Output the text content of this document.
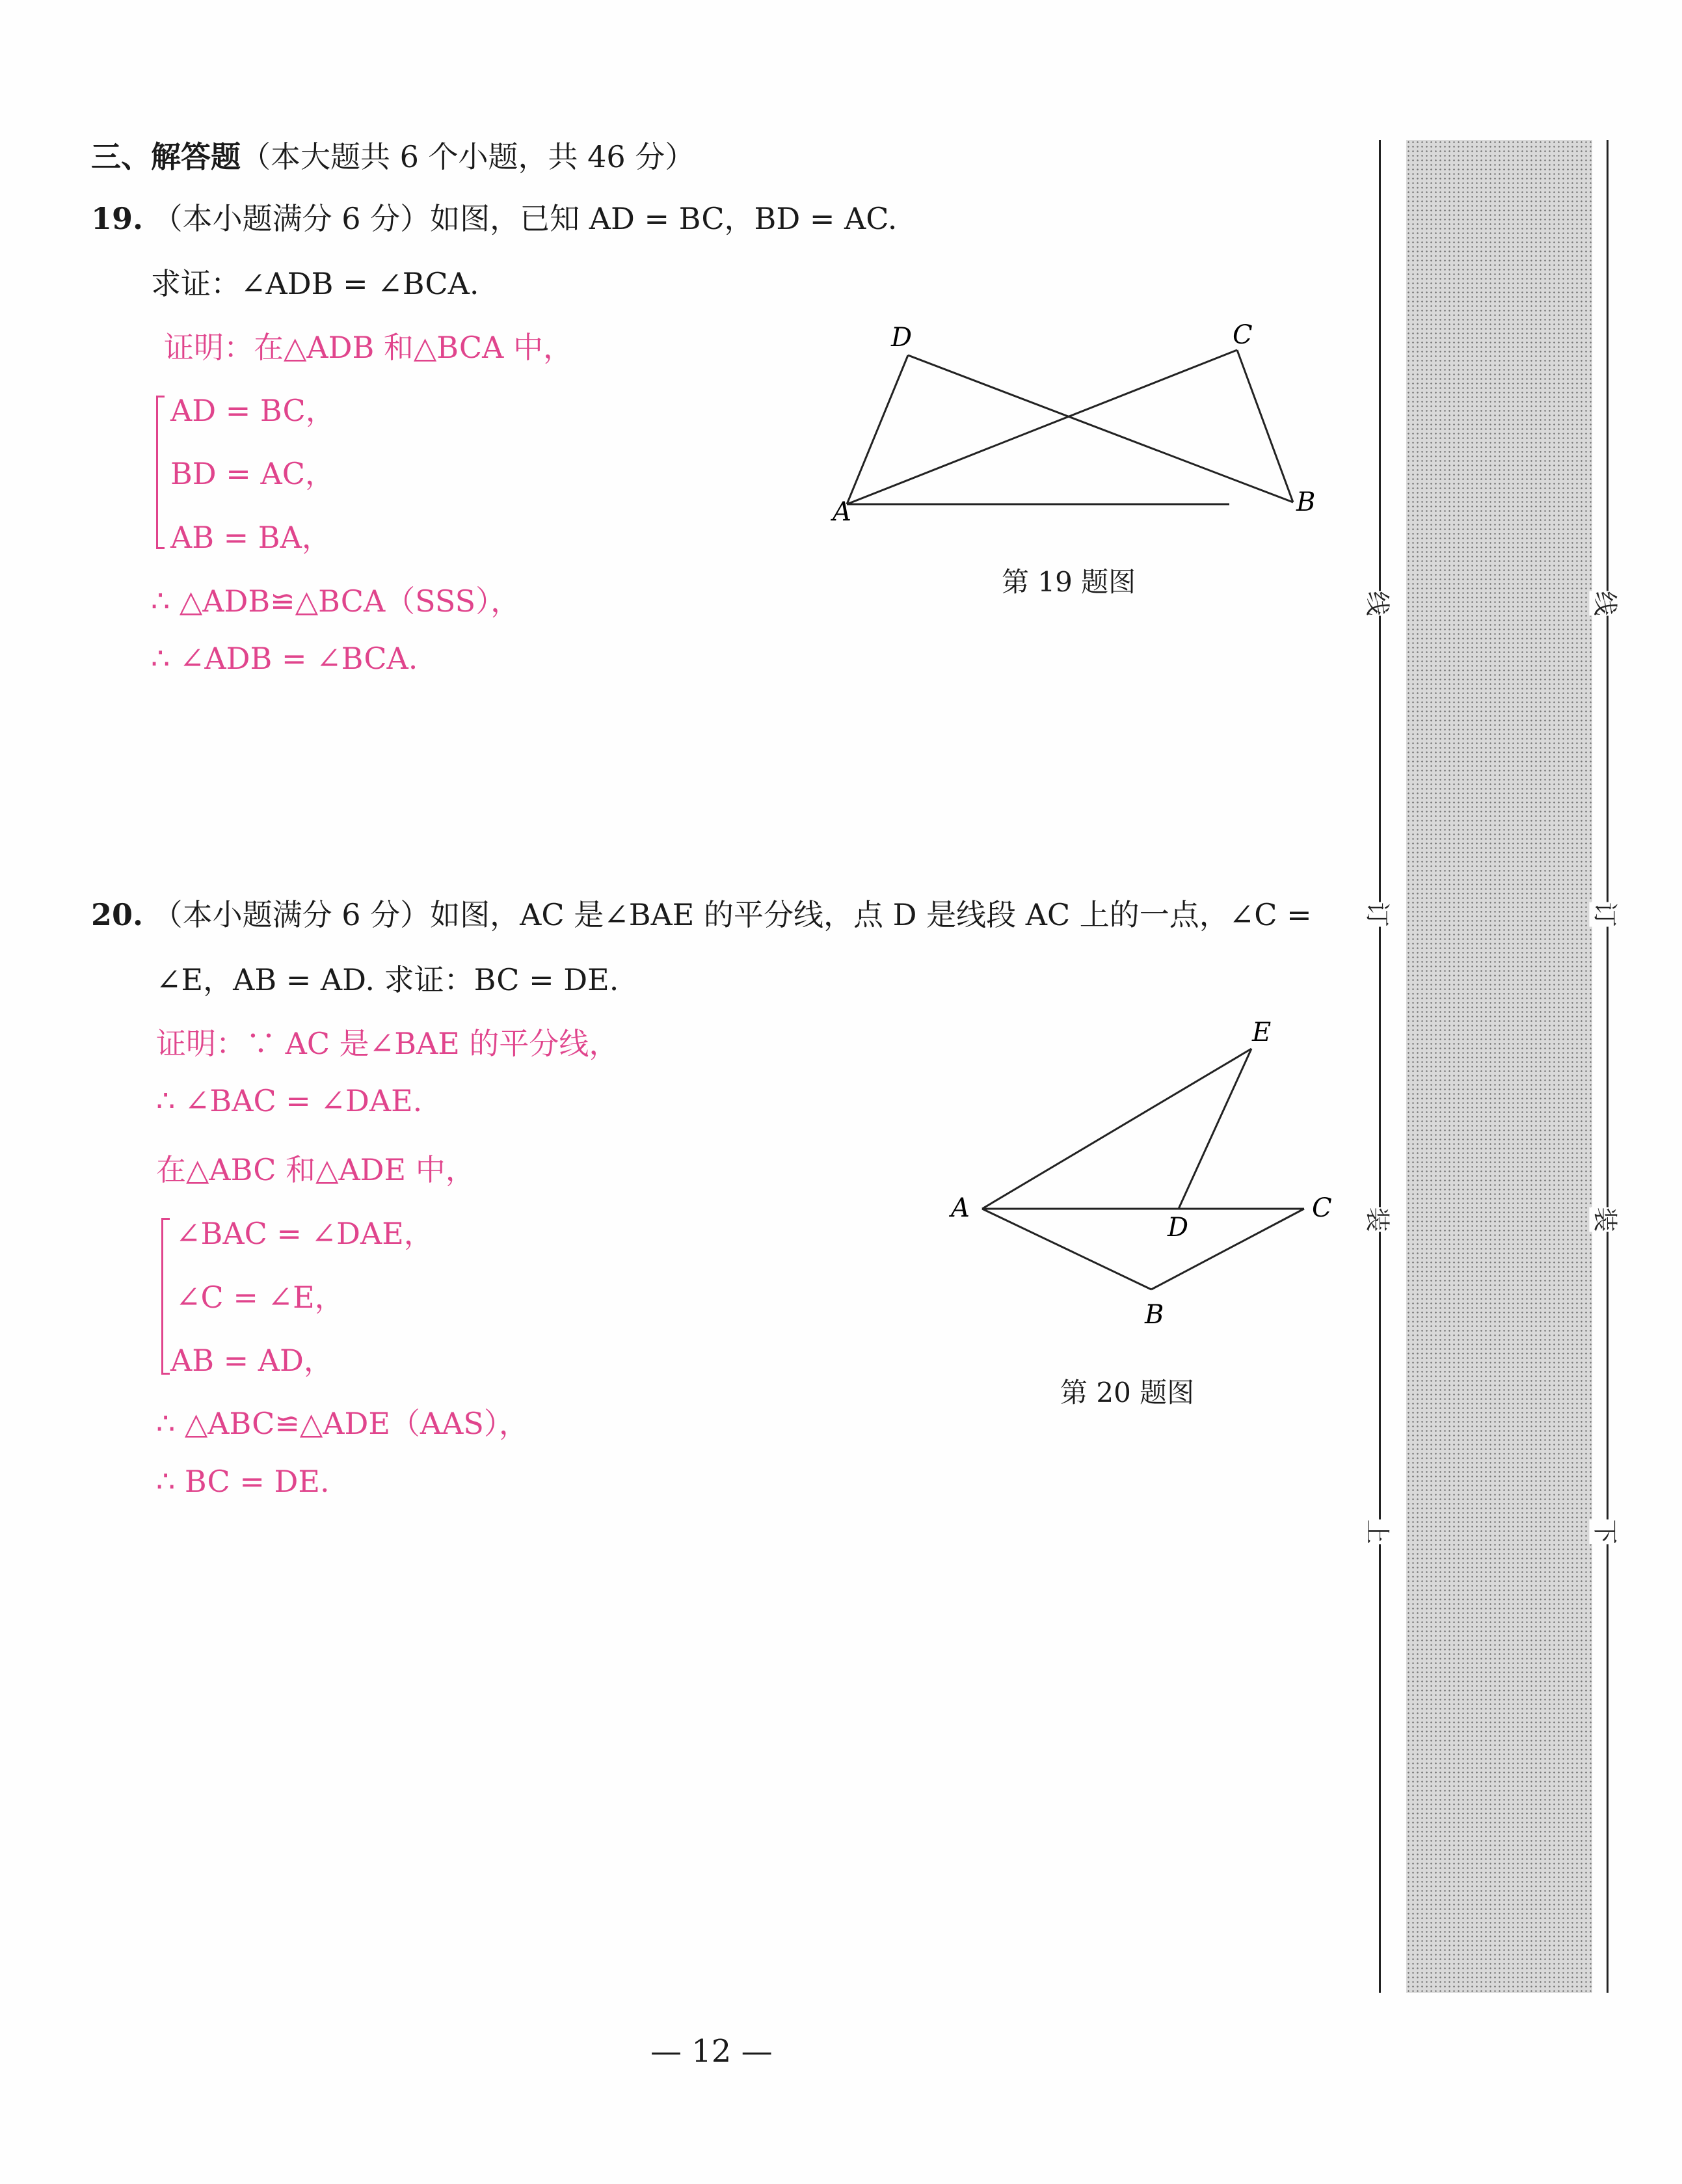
三、解答题（本大题共 6 个小题，共 46 分）
19. （本小题满分 6 分）如图，已知 AD = BC，BD = AC.
求证：∠ADB = ∠BCA.
证明：在△ADB 和△BCA 中，
AD = BC，
BD = AC，
AB = BA，
∴ △ADB≌△BCA（SSS），
∴ ∠ADB = ∠BCA.
D	C
A	B
第 19 题图
20. （本小题满分 6 分）如图，AC 是∠BAE 的平分线，点 D 是线段 AC 上的一点，∠C =
∠E，AB = AD. 求证：BC = DE.
证明：∵ AC 是∠BAE 的平分线，
∴ ∠BAC = ∠DAE.
在△ABC 和△ADE 中，
∠BAC = ∠DAE，
∠C = ∠E，
AB = AD，
∴ △ABC≌△ADE（AAS），
∴ BC = DE.
E
A
D
C
B
第 20 题图
线
订
装
上
线
订
装
下
— 12 —
